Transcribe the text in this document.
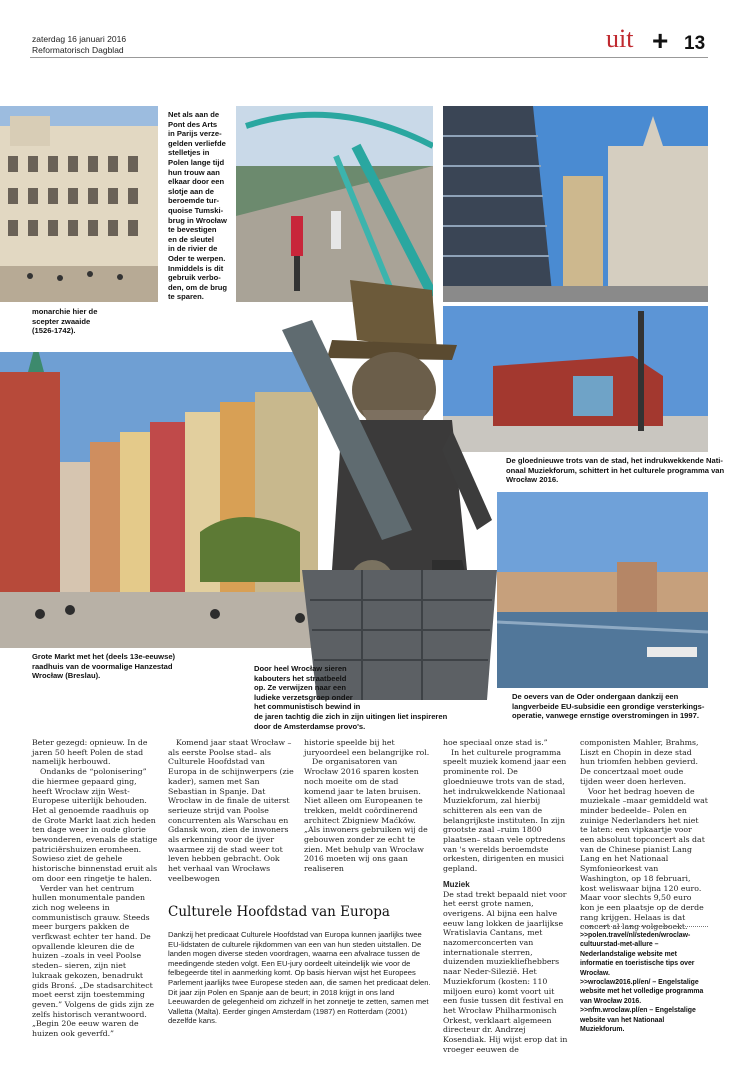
zaterdag 16 januari 2016
Reformatorisch Dagblad	uit + 13
monarchie hier de
scepter zwaaide
(1526-1742).
Net als aan de
Pont des Arts
in Parijs verze-
gelden verliefde
stelletjes in
Polen lange tijd
hun trouw aan
elkaar door een
slotje aan de
beroemde tur-
quoise Tumski-
brug in Wrocław
te bevestigen
en de sleutel
in de rivier de
Oder te werpen.
Inmiddels is dit
gebruik verbo-
den, om de brug
te sparen.
De gloednieuwe trots van de stad, het indrukwekkende Nati-
onaal Muziekforum, schittert in het culturele programma van
Wrocław 2016.
Grote Markt met het (deels 13e-eeuwse)
raadhuis van de voormalige Hanzestad
Wrocław (Breslau).
De oevers van de Oder ondergaan dankzij een
langverbeide EU-subsidie een grondige versterkings-
operatie, vanwege ernstige overstromingen in 1997.
Door heel Wrocław sieren
kabouters het straatbeeld
op. Ze verwijzen naar een
ludieke verzetsgroep onder
het communistisch bewind in
de jaren tachtig die zich in zijn uitingen liet inspireren
door de Amsterdamse provo's.

Beter gezegd: opnieuw. In de jaren 50 heeft Polen de stad namelijk herbouwd.

Ondanks de “polonisering” die hiermee gepaard ging, heeft Wrocław zijn West-Europese uiterlijk behouden. Het al genoemde raadhuis op de Grote Markt laat zich heden ten dage weer in oude glorie bewonderen, evenals de statige patriciërshuizen eromheen. Sowieso ziet de gehele historische binnenstad eruit als om door een ringetje te halen.

Verder van het centrum hullen monumentale panden zich nog weleens in communistisch grauw. Steeds meer burgers pakken de verfkwast echter ter hand. De opvallende kleuren die de huizen –zoals in veel Poolse steden– sieren, zijn niet lukraak gekozen, benadrukt gids Bronś. „De stadsarchitect moet eerst zijn toestemming geven.” Volgens de gids zijn ze zelfs historisch verantwoord. „Begin 20e eeuw waren de huizen ook geverfd.”

Komend jaar staat Wrocław –als eerste Poolse stad– als Culturele Hoofdstad van Europa in de schijnwerpers (zie kader), samen met San Sebastian in Spanje. Dat Wrocław in de finale de uiterst serieuze strijd van Poolse concurrenten als Warschau en Gdansk won, zien de inwoners als erkenning voor de ijver waarmee zij de stad weer tot leven hebben gebracht. Ook het verhaal van Wrocławs veelbewogen

historie speelde bij het juryoordeel een belangrijke rol.

De organisatoren van Wrocław 2016 sparen kosten noch moeite om de stad komend jaar te laten bruisen. Niet alleen om Europeanen te trekken, meldt coördinerend architect Zbigniew Maćków. „Als inwoners gebruiken wij de gebouwen zonder ze echt te zien. Met behulp van Wrocław 2016 moeten wij ons gaan realiseren

hoe speciaal onze stad is.”

In het culturele programma speelt muziek komend jaar een prominente rol. De gloednieuwe trots van de stad, het indrukwekkende Nationaal Muziekforum, zal hierbij schitteren als een van de belangrijkste instituten. In zijn grootste zaal –ruim 1800 plaatsen– staan vele optredens van 's werelds beroemdste orkesten, dirigenten en musici gepland.

Muziek

De stad trekt bepaald niet voor het eerst grote namen, overigens. Al bijna een halve eeuw lang lokken de jaarlijkse Wratislavia Cantans, met nazomerconcerten van internationale sterren, duizenden muziekliefhebbers naar Neder-Silezië. Het Muziekforum (kosten: 110 miljoen euro) komt voort uit een fusie tussen dit festival en het Wrocław Philharmonisch Orkest, verklaart algemeen directeur dr. Andrzej Kosendiak. Hij wijst erop dat in vroeger eeuwen de

componisten Mahler, Brahms, Liszt en Chopin in deze stad hun triomfen hebben gevierd. De concertzaal moet oude tijden weer doen herleven.

Voor het bedrag hoeven de muziekale –maar gemiddeld wat minder bedeelde– Polen en zuinige Nederlanders het niet te laten: een vipkaartje voor een absoluut topconcert als dat van de Chinese pianist Lang Lang en het Nationaal Symfonieorkest van Washington, op 18 februari, kost weliswaar bijna 120 euro. Maar voor slechts 9,50 euro kon je een plaatsje op de derde rang krijgen. Helaas is dat concert al lang volgeboekt.

Culturele Hoofdstad van Europa
Dankzij het predicaat Culturele Hoofdstad van Europa kunnen jaarlijks twee EU-lidstaten de culturele rijkdommen van een van hun steden uitstallen. De landen mogen diverse steden voordragen, waarna een afvalrace tussen de meedingende steden volgt. Een EU-jury oordeelt uiteindelijk wie voor de felbegeerde titel in aanmerking komt. Op basis hiervan wijst het Europees Parlement jaarlijks twee Europese steden aan, die samen het predicaat delen. Dit jaar zijn Polen en Spanje aan de beurt; in 2018 krijgt in ons land Leeuwarden de gelegenheid om zichzelf in het zonnetje te zetten, samen met Valletta (Malta). Eerder gingen Amsterdam (1987) en Rotterdam (2001) dezelfde kans.
>>polen.travel/nl/steden/wroclaw-cultuurstad-met-allure – Nederlandstalige website met informatie en toeristische tips over Wrocław.
>>wroclaw2016.pl/en/ – Engelstalige website met het volledige programma van Wrocław 2016.
>>nfm.wroclaw.pl/en – Engelstalige website van het Nationaal Muziekforum.
